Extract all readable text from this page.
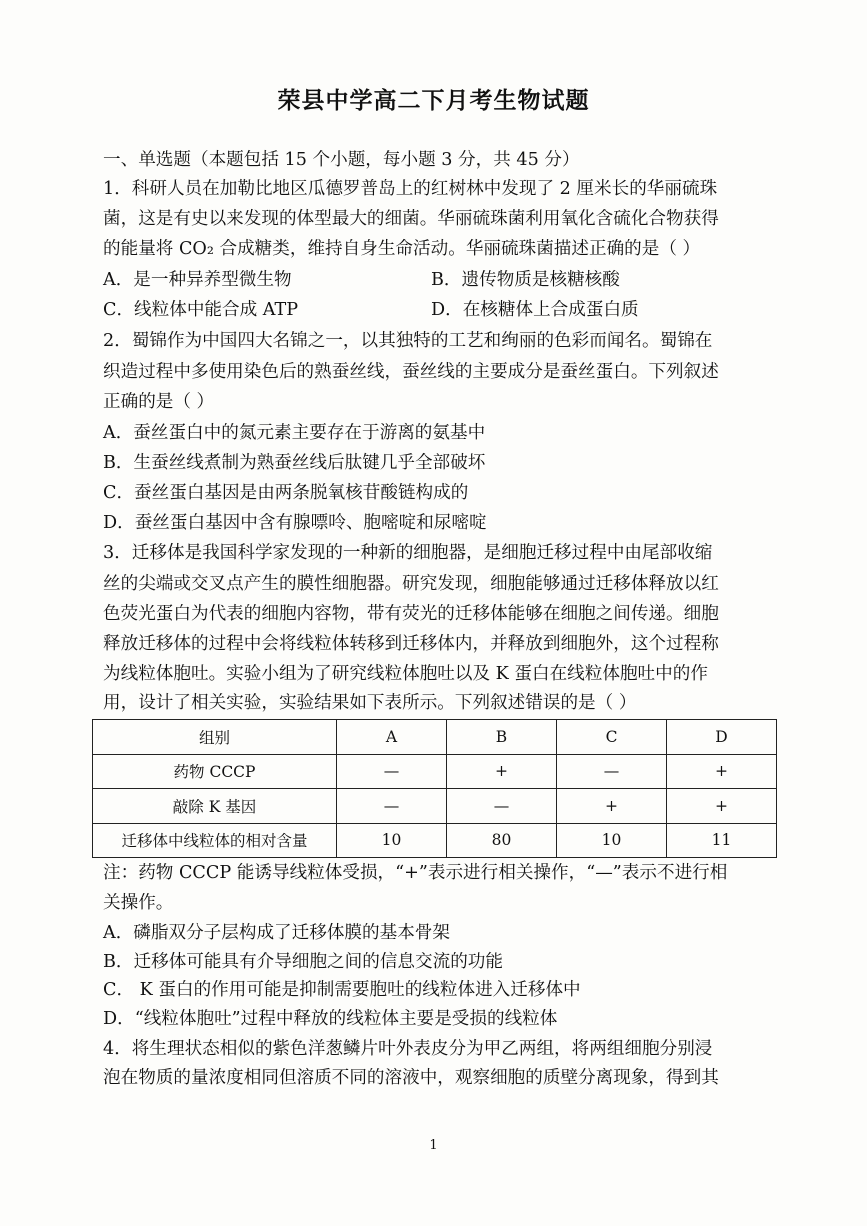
荣县中学高二下月考生物试题
一、单选题（本题包括 15 个小题，每小题 3 分，共 45 分）
1．科研人员在加勒比地区瓜德罗普岛上的红树林中发现了 2 厘米长的华丽硫珠
菌，这是有史以来发现的体型最大的细菌。华丽硫珠菌利用氧化含硫化合物获得
的能量将 CO₂ 合成糖类，维持自身生命活动。华丽硫珠菌描述正确的是（ ）
A．是一种异养型微生物	B．遗传物质是核糖核酸
C．线粒体中能合成 ATP	D．在核糖体上合成蛋白质
2．蜀锦作为中国四大名锦之一，以其独特的工艺和绚丽的色彩而闻名。蜀锦在
织造过程中多使用染色后的熟蚕丝线，蚕丝线的主要成分是蚕丝蛋白。下列叙述
正确的是（ ）
A．蚕丝蛋白中的氮元素主要存在于游离的氨基中
B．生蚕丝线煮制为熟蚕丝线后肽键几乎全部破坏
C．蚕丝蛋白基因是由两条脱氧核苷酸链构成的
D．蚕丝蛋白基因中含有腺嘌呤、胞嘧啶和尿嘧啶
3．迁移体是我国科学家发现的一种新的细胞器，是细胞迁移过程中由尾部收缩
丝的尖端或交叉点产生的膜性细胞器。研究发现，细胞能够通过迁移体释放以红
色荧光蛋白为代表的细胞内容物，带有荧光的迁移体能够在细胞之间传递。细胞
释放迁移体的过程中会将线粒体转移到迁移体内，并释放到细胞外，这个过程称
为线粒体胞吐。实验小组为了研究线粒体胞吐以及 K 蛋白在线粒体胞吐中的作
用，设计了相关实验，实验结果如下表所示。下列叙述错误的是（ ）
组别	A	B	C	D
药物 CCCP	—	+	—	+
敲除 K 基因	—	—	+	+
迁移体中线粒体的相对含量	10	80	10	11
注：药物 CCCP 能诱导线粒体受损，“+”表示进行相关操作，“—”表示不进行相
关操作。
A．磷脂双分子层构成了迁移体膜的基本骨架
B．迁移体可能具有介导细胞之间的信息交流的功能
C． K 蛋白的作用可能是抑制需要胞吐的线粒体进入迁移体中
D．“线粒体胞吐”过程中释放的线粒体主要是受损的线粒体
4．将生理状态相似的紫色洋葱鳞片叶外表皮分为甲乙两组，将两组细胞分别浸
泡在物质的量浓度相同但溶质不同的溶液中，观察细胞的质壁分离现象，得到其
1
